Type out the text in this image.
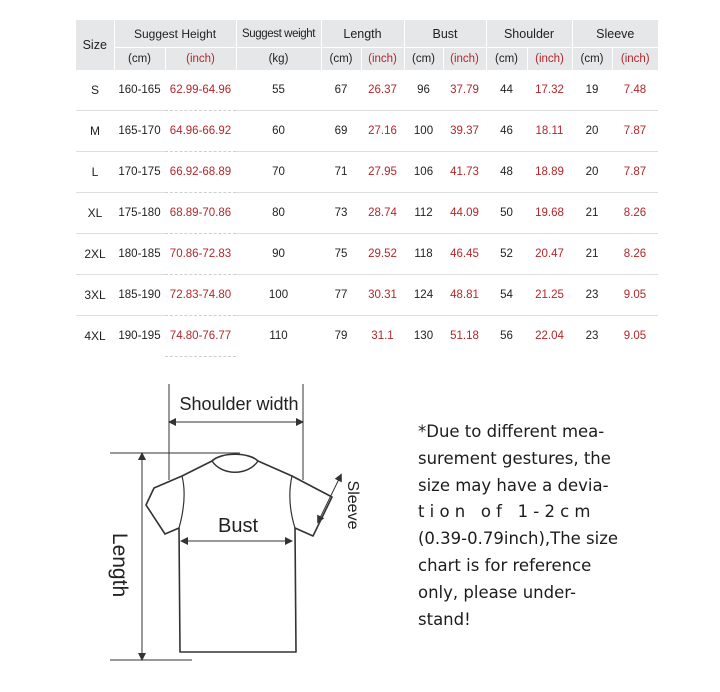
Size	Suggest Height		Suggest weight	Length		Bust		Shoulder		Sleeve	
	(cm)	(inch)	(kg)	(cm)	(inch)	(cm)	(inch)	(cm)	(inch)	(cm)	(inch)
S	160-165	62.99-64.96	55	67	26.37	96	37.79	44	17.32	19	7.48
M	165-170	64.96-66.92	60	69	27.16	100	39.37	46	18.11	20	7.87
L	170-175	66.92-68.89	70	71	27.95	106	41.73	48	18.89	20	7.87
XL	175-180	68.89-70.86	80	73	28.74	112	44.09	50	19.68	21	8.26
2XL	180-185	70.86-72.83	90	75	29.52	118	46.45	52	20.47	21	8.26
3XL	185-190	72.83-74.80	100	77	30.31	124	48.81	54	21.25	23	9.05
4XL	190-195	74.80-76.77	110	79	31.1	130	51.18	56	22.04	23	9.05
Shoulder width
Bust
Length
Sleeve

*Due to different mea-
surement gestures, the
size may have a devia-
tion of 1-2cm
(0.39-0.79inch),The size
chart is for reference
only, please under-
stand!
